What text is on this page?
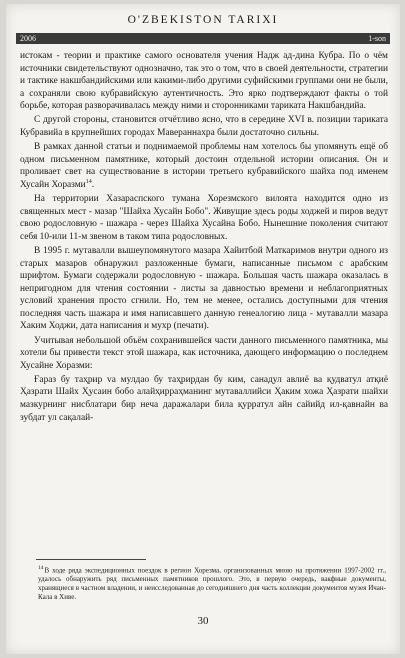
O'ZBEKISTON TARIXI
2006	1-son

истокам - теории и практике самого основателя учения Надж ад-дина Кубра. По о чём источники свидетельствуют однозначно, так это о том, что в своей деятельности, стратегии и тактике накшбандийскими или какими-либо другими суфийскими группами они не были, а сохраняли свою кубравийскую аутентичность. Это ярко подтверждают факты о той борьбе, которая разворачивалась между ними и сторонниками тариката Накшбандийа.

С другой стороны, становится отчётливо ясно, что в середине XVI в. позиции тариката Кубравийа в крупнейших городах Мавераннахра были достаточно сильны.

В рамках данной статьи и поднимаемой проблемы нам хотелось бы упомянуть ещё об одном письменном памятнике, который достоин отдельной истории описания. Он и проливает свет на существование в истории третьего кубравийского шайха под именем Хусайн Хоразми$^{14}$.

На территории Хазараспского тумана Хорезмского вилоята находится одно из священных мест - мазар "Шайха Хусайн Бобо". Живущие здесь роды ходжей и пиров ведут свою родословную - шажара - через Шайха Хусайна Бобо. Нынешние поколения считают себя 10-или 11-м звеном в таком типа родословных.

В 1995 г. мутавалли вышеупомянутого мазара Хайитбой Маткаримов внутри одного из старых мазаров обнаружил разложенные бумаги, написанные письмом с арабским шрифтом. Бумаги содержали родословную - шажара. Большая часть шажара оказалась в непригодном для чтения состоянии - листы за давностью времени и неблагоприятных условий хранения просто сгнили. Но, тем не менее, остались доступными для чтения последняя часть шажара и имя написавшего данную генеалогию лица - мутавалли мазара Хаким Ходжи, дата написания и мухр (печати).

Учитывая небольшой объём сохранившейся части данного письменного памятника, мы хотели бы привести текст этой шажара, как источника, дающего информацию о последнем Хусайне Хоразми:

Ғараз бу таҳрир va мулдао бу таҳрирдан бу ким, санадул авлиё ва қудватул атқиё Ҳазрати Шайх Ҳусаин бобо алайҳирраҳманинг мутаваллийси Ҳаким хожа Ҳазрати шайхи мазкурнинг нисблатари бир неча даражалари била қурратул айн сайийд ил-қавнайн ва зубдат ул сақалай-

$^{14}$В ходе ряда экспедиционных поездок в регион Хорезма, организованных мною на протяжении 1997-2002 гг., удалось обнаружить ряд письменных памятников прошлого. Это, в первую очередь, вакфные документы, хранящиеся в частном владении, и неисследованная до сегодняшнего дня часть коллекции документов музея Ичан-Кала в Хиве.
30
